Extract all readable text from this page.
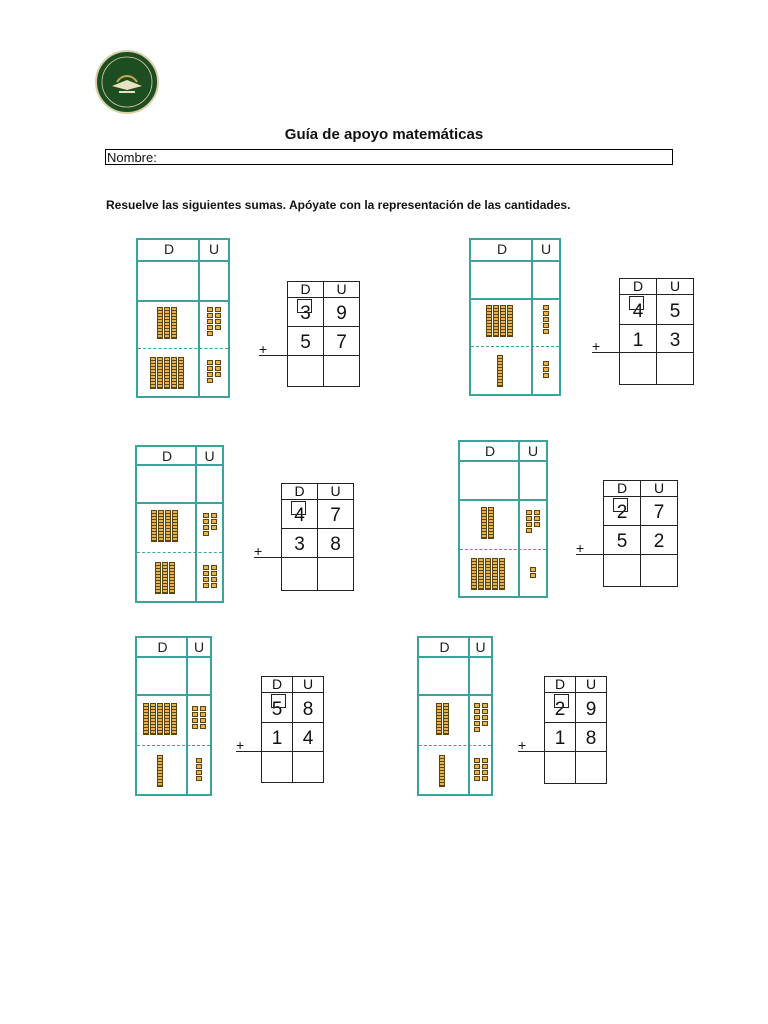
Guía de apoyo matemáticas
Nombre:
Resuelve las siguientes sumas. Apóyate con la representación de las cantidades.
D	U
D	U
3	9
5	7
+
D	U
D	U
4	5
1	3
+
D	U
D	U
4	7
3	8
+
D	U
D	U
2	7
5	2
+
D	U
D	U
5	8
1	4
+
D	U
D	U
2	9
1	8
+
